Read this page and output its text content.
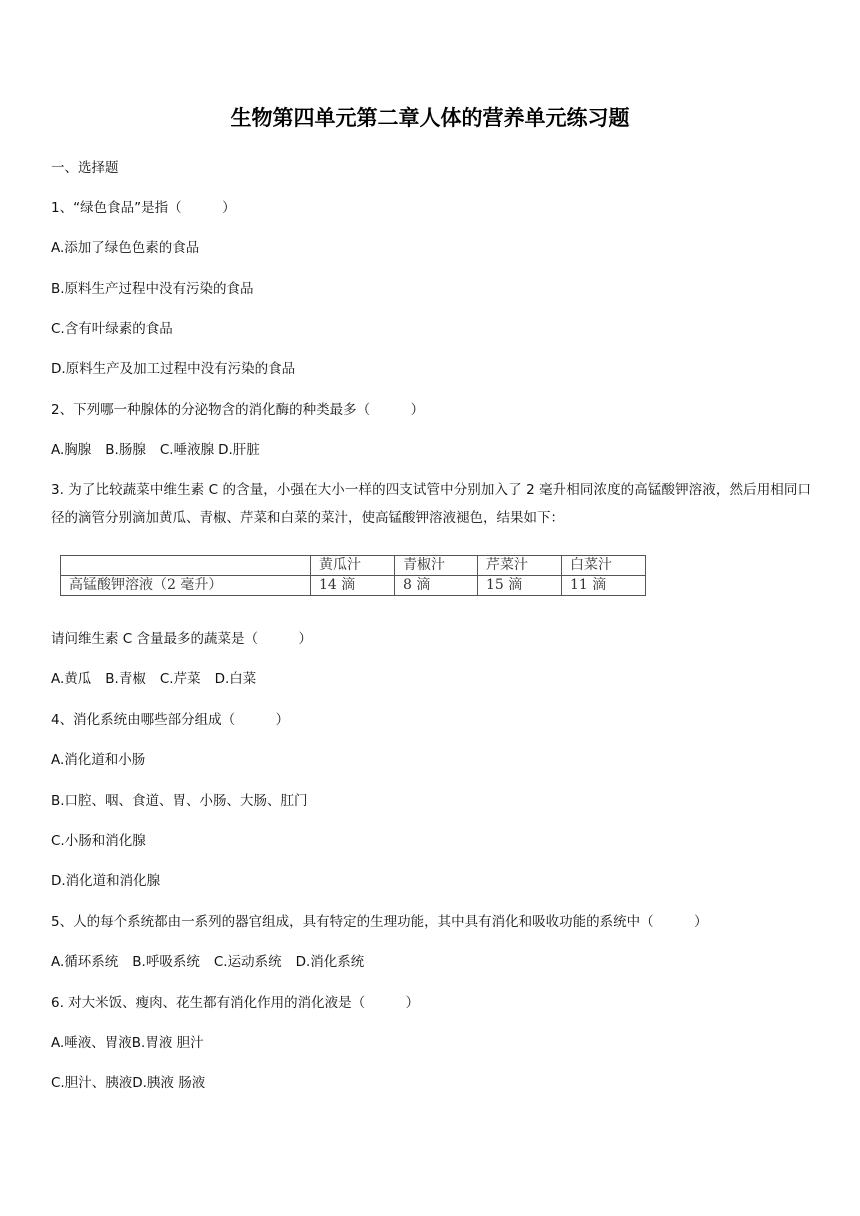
生物第四单元第二章人体的营养单元练习题
一、选择题
1、“绿色食品”是指（　　　）
A.添加了绿色色素的食品
B.原料生产过程中没有污染的食品
C.含有叶绿素的食品
D.原料生产及加工过程中没有污染的食品
2、下列哪一种腺体的分泌物含的消化酶的种类最多（　　　）
A.胸腺 B.肠腺 C.唾液腺 D.肝脏
3. 为了比较蔬菜中维生素 C 的含量，小强在大小一样的四支试管中分别加入了 2 毫升相同浓度的高锰酸钾溶液，然后用相同口径的滴管分别滴加黄瓜、青椒、芹菜和白菜的菜汁，使高锰酸钾溶液褪色，结果如下：
	黄瓜汁	青椒汁	芹菜汁	白菜汁
高锰酸钾溶液（2 毫升）	14 滴	8 滴	15 滴	11 滴
请问维生素 C 含量最多的蔬菜是（　　　）
A.黄瓜 B.青椒 C.芹菜 D.白菜
4、消化系统由哪些部分组成（　　　）
A.消化道和小肠
B.口腔、咽、食道、胃、小肠、大肠、肛门
C.小肠和消化腺
D.消化道和消化腺
5、人的每个系统都由一系列的器官组成，具有特定的生理功能，其中具有消化和吸收功能的系统中（　　　）
A.循环系统 B.呼吸系统 C.运动系统 D.消化系统
6. 对大米饭、瘦肉、花生都有消化作用的消化液是（　　　）
A.唾液、胃液B.胃液 胆汁
C.胆汁、胰液D.胰液 肠液
